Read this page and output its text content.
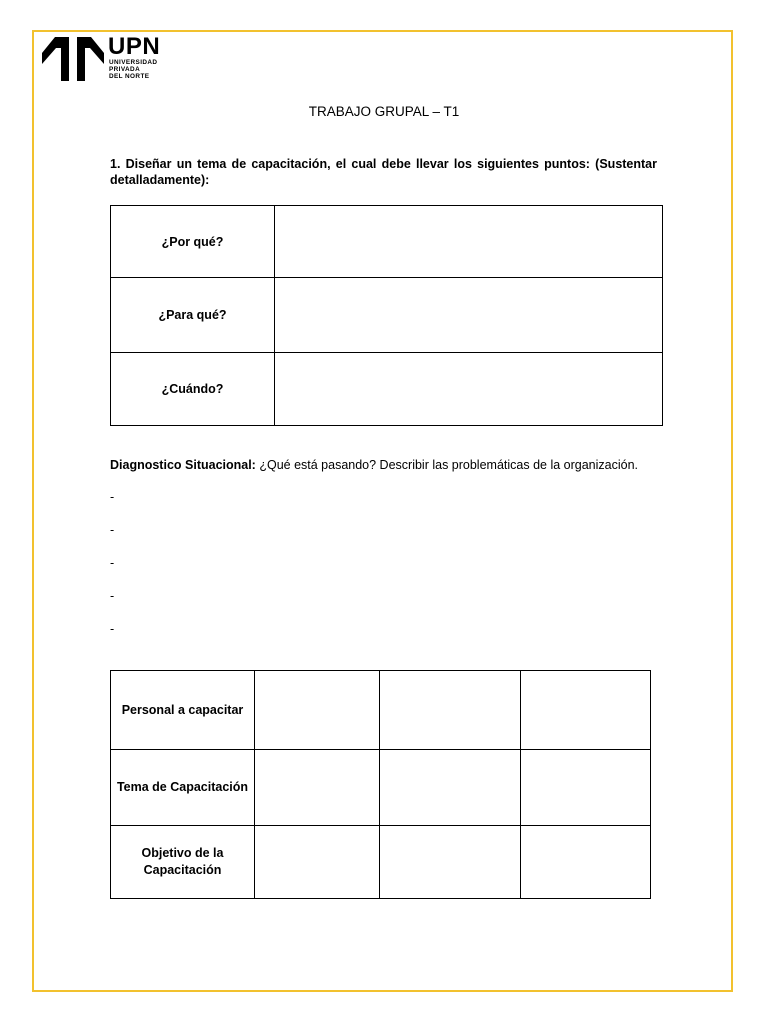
UPN
UNIVERSIDAD
PRIVADA
DEL NORTE
TRABAJO GRUPAL – T1
1. Diseñar un tema de capacitación, el cual debe llevar los siguientes puntos: (Sustentar detalladamente):
¿Por qué?	
¿Para qué?	
¿Cuándo?	
Diagnostico Situacional: ¿Qué está pasando? Describir las problemáticas de la organización.
-
-
-
-
-
Personal a capacitar			
Tema de Capacitación			
Objetivo de la Capacitación			
